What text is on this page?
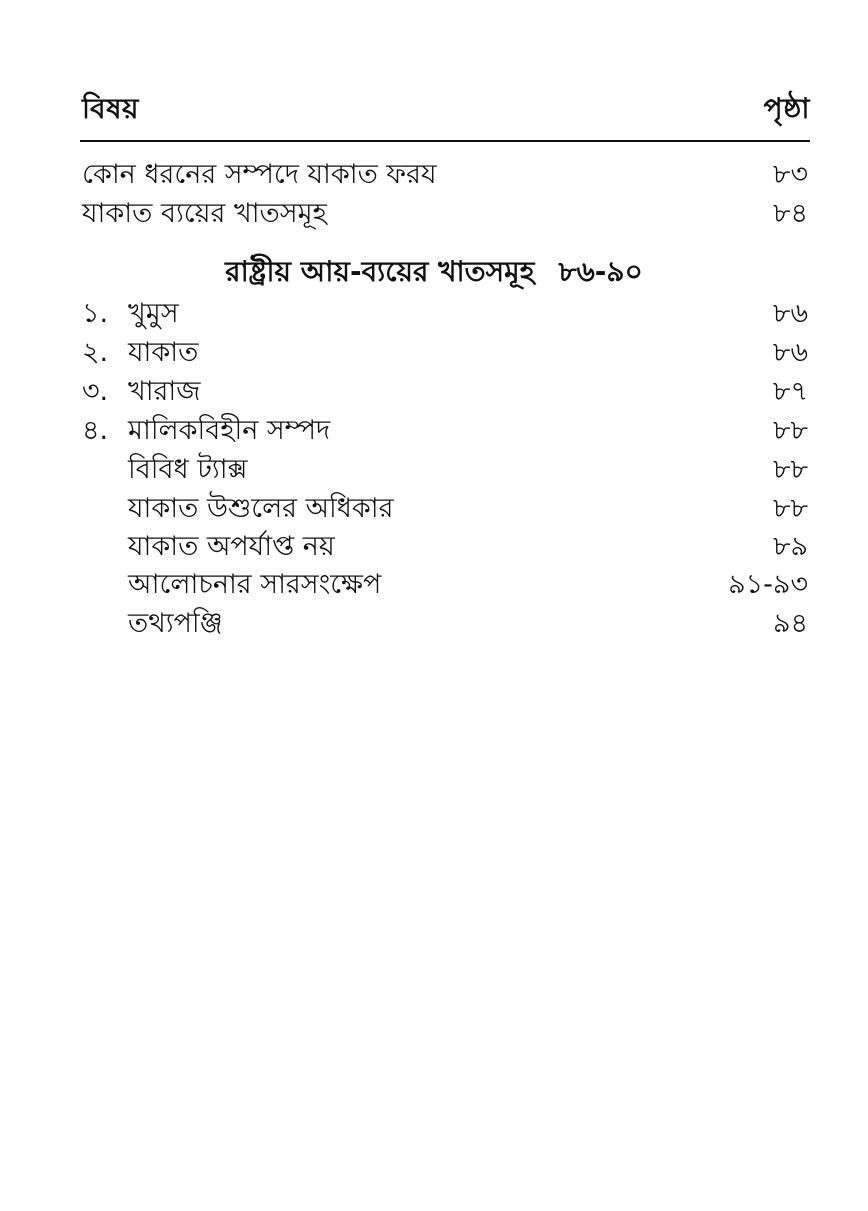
বিষয়	পৃষ্ঠা
কোন ধরনের সম্পদে যাকাত ফরয	৮৩
যাকাত ব্যয়ের খাতসমূহ	৮৪
রাষ্ট্রীয় আয়-ব্যয়ের খাতসমূহ ৮৬-৯০
১. খুমুস	৮৬
২. যাকাত	৮৬
৩. খারাজ	৮৭
৪. মালিকবিহীন সম্পদ	৮৮
বিবিধ ট্যাক্স	৮৮
যাকাত উশুলের অধিকার	৮৮
যাকাত অপর্যাপ্ত নয়	৮৯
আলোচনার সারসংক্ষেপ	৯১-৯৩
তথ্যপঞ্জি	৯৪
